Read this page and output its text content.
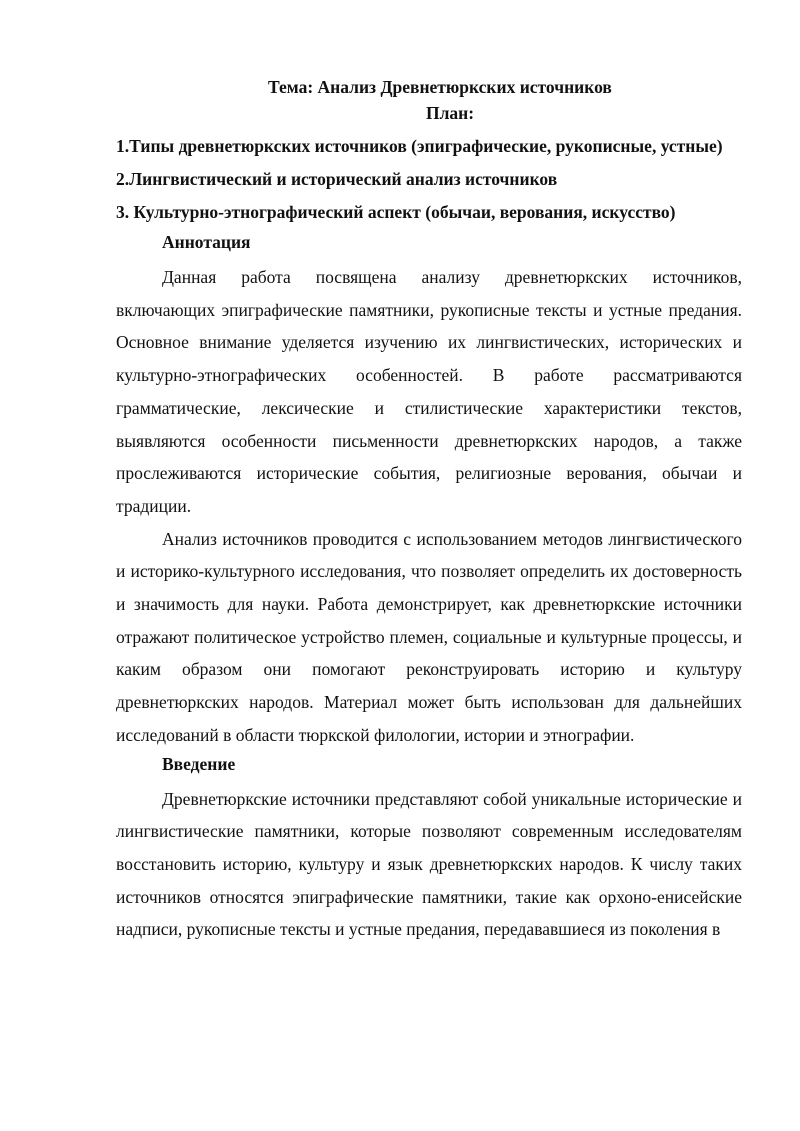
Тема: Анализ Древнетюркских источников

План:

1.Типы древнетюркских источников (эпиграфические, рукописные, устные)

2.Лингвистический и исторический анализ источников

3. Культурно-этнографический аспект (обычаи, верования, искусство)

Аннотация

Данная работа посвящена анализу древнетюркских источников, включающих эпиграфические памятники, рукописные тексты и устные предания. Основное внимание уделяется изучению их лингвистических, исторических и культурно-этнографических особенностей. В работе рассматриваются грамматические, лексические и стилистические характеристики текстов, выявляются особенности письменности древнетюркских народов, а также прослеживаются исторические события, религиозные верования, обычаи и традиции.

Анализ источников проводится с использованием методов лингвистического и историко-культурного исследования, что позволяет определить их достоверность и значимость для науки. Работа демонстрирует, как древнетюркские источники отражают политическое устройство племен, социальные и культурные процессы, и каким образом они помогают реконструировать историю и культуру древнетюркских народов. Материал может быть использован для дальнейших исследований в области тюркской филологии, истории и этнографии.

Введение

Древнетюркские источники представляют собой уникальные исторические и лингвистические памятники, которые позволяют современным исследователям восстановить историю, культуру и язык древнетюркских народов. К числу таких источников относятся эпиграфические памятники, такие как орхоно-енисейские надписи, рукописные тексты и устные предания, передававшиеся из поколения в
